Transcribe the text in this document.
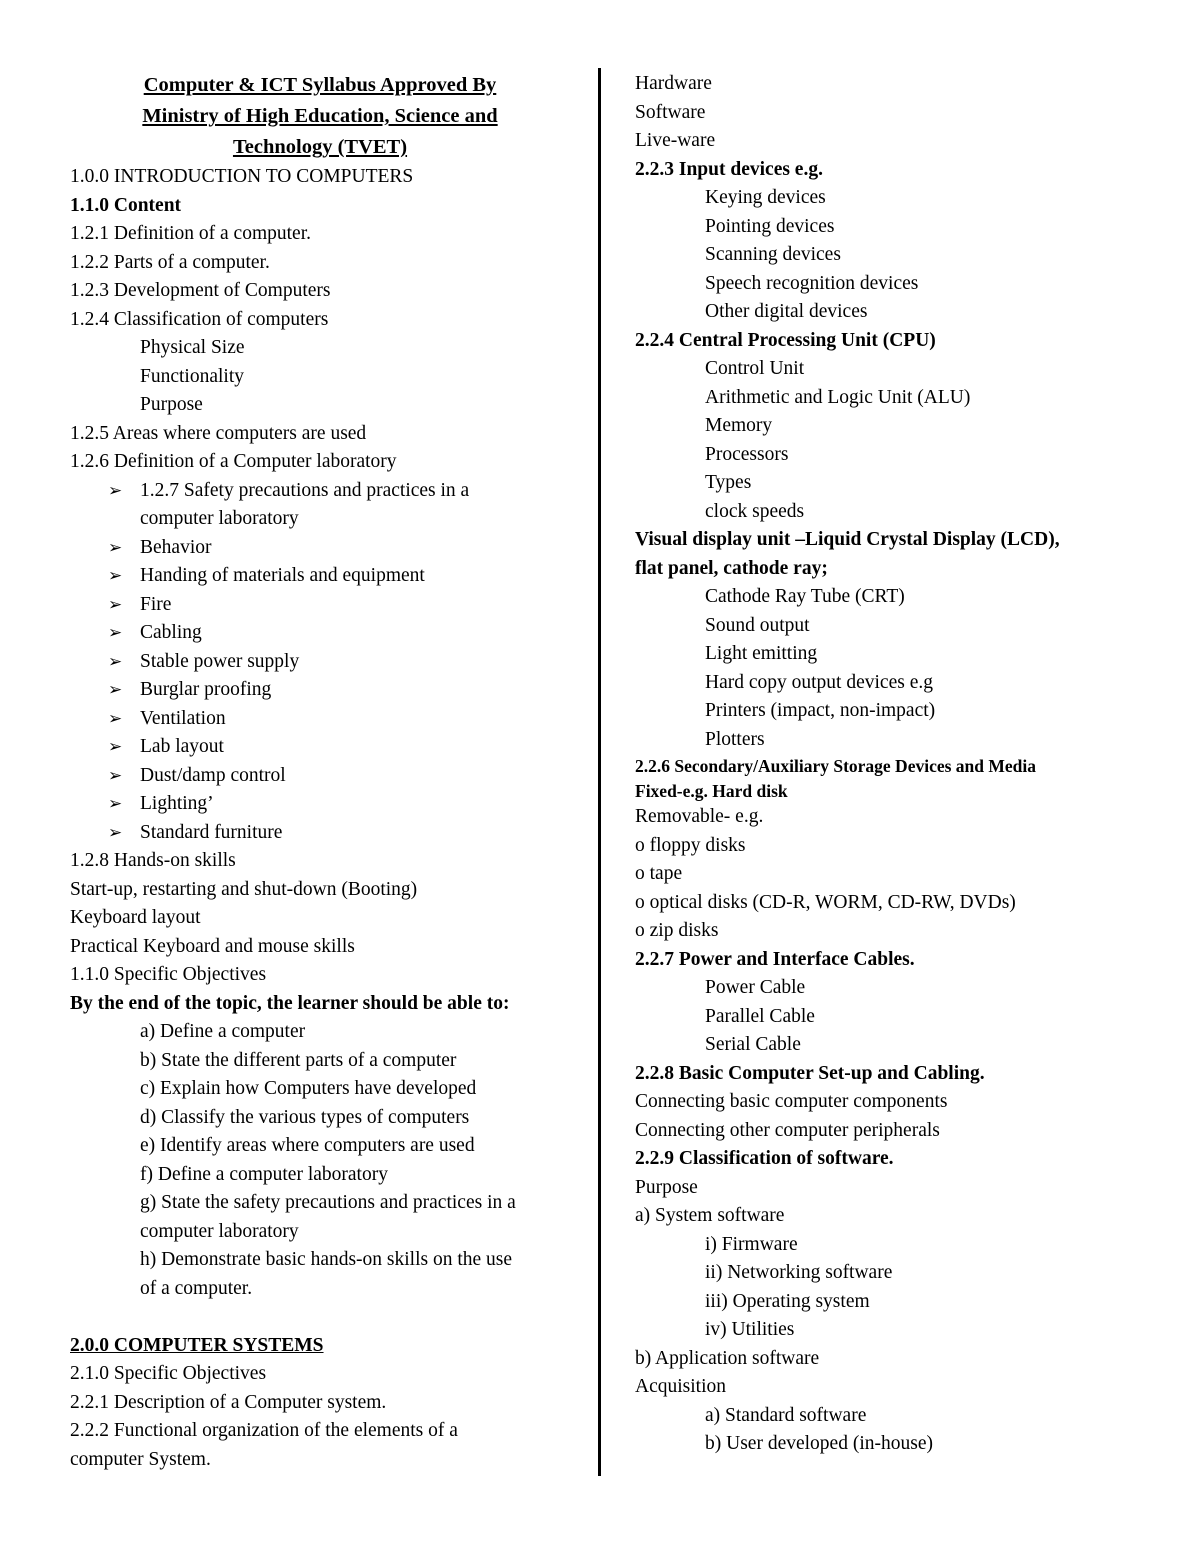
Computer & ICT Syllabus Approved By
Ministry of High Education, Science and
Technology (TVET)
1.0.0 INTRODUCTION TO COMPUTERS
1.1.0 Content
1.2.1 Definition of a computer.
1.2.2 Parts of a computer.
1.2.3 Development of Computers
1.2.4 Classification of computers
Physical Size
Functionality
Purpose
1.2.5 Areas where computers are used
1.2.6 Definition of a Computer laboratory
➢ 1.2.7 Safety precautions and practices in a
computer laboratory
➢ Behavior
➢ Handing of materials and equipment
➢ Fire
➢ Cabling
➢ Stable power supply
➢ Burglar proofing
➢ Ventilation
➢ Lab layout
➢ Dust/damp control
➢ Lighting’
➢ Standard furniture
1.2.8 Hands-on skills
Start-up, restarting and shut-down (Booting)
Keyboard layout
Practical Keyboard and mouse skills
1.1.0 Specific Objectives
By the end of the topic, the learner should be able to:
a) Define a computer
b) State the different parts of a computer
c) Explain how Computers have developed
d) Classify the various types of computers
e) Identify areas where computers are used
f) Define a computer laboratory
g) State the safety precautions and practices in a
computer laboratory
h) Demonstrate basic hands-on skills on the use
of a computer.
2.0.0 COMPUTER SYSTEMS
2.1.0 Specific Objectives
2.2.1 Description of a Computer system.
2.2.2 Functional organization of the elements of a
computer System.
Hardware
Software
Live-ware
2.2.3 Input devices e.g.
Keying devices
Pointing devices
Scanning devices
Speech recognition devices
Other digital devices
2.2.4 Central Processing Unit (CPU)
Control Unit
Arithmetic and Logic Unit (ALU)
Memory
Processors
Types
clock speeds
Visual display unit –Liquid Crystal Display (LCD),
flat panel, cathode ray;
Cathode Ray Tube (CRT)
Sound output
Light emitting
Hard copy output devices e.g
Printers (impact, non-impact)
Plotters
2.2.6 Secondary/Auxiliary Storage Devices and Media
Fixed-e.g. Hard disk
Removable- e.g.
o floppy disks
o tape
o optical disks (CD-R, WORM, CD-RW, DVDs)
o zip disks
2.2.7 Power and Interface Cables.
Power Cable
Parallel Cable
Serial Cable
2.2.8 Basic Computer Set-up and Cabling.
Connecting basic computer components
Connecting other computer peripherals
2.2.9 Classification of software.
Purpose
a) System software
i) Firmware
ii) Networking software
iii) Operating system
iv) Utilities
b) Application software
Acquisition
a) Standard software
b) User developed (in-house)
